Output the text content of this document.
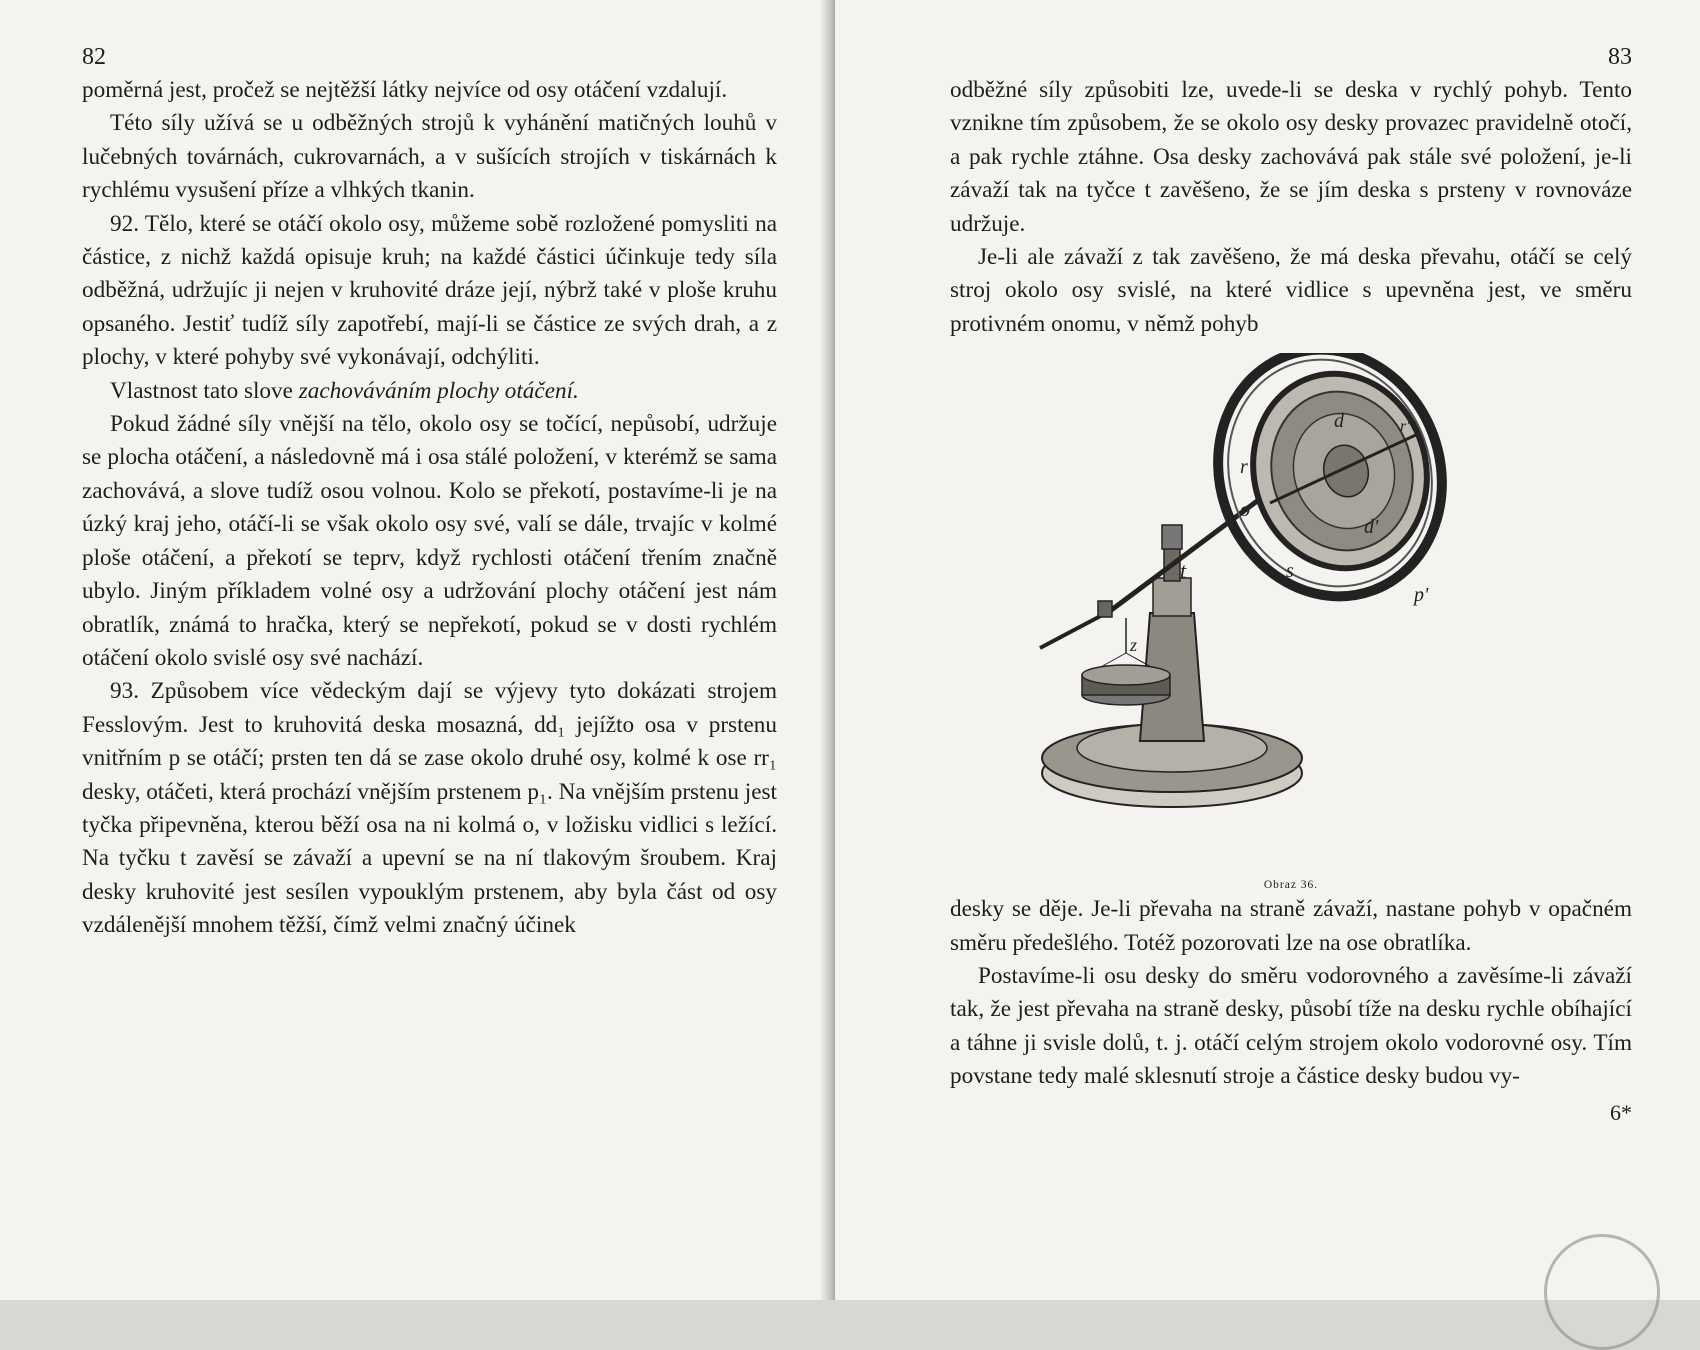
82

poměrná jest, pročež se nejtěžší látky nejvíce od osy otáčení vzdalují.

Této síly užívá se u odběžných strojů k vyhánění matičných louhů v lučebných továrnách, cukrovarnách, a v sušících strojích v tiskárnách k rychlému vysušení příze a vlhkých tkanin.

92. Tělo, které se otáčí okolo osy, můžeme sobě rozložené pomysliti na částice, z nichž každá opisuje kruh; na každé částici účinkuje tedy síla odběžná, udržujíc ji nejen v kruhovité dráze její, nýbrž také v ploše kruhu opsaného. Jestiť tudíž síly zapotřebí, mají-li se částice ze svých drah, a z plochy, v které pohyby své vykonávají, odchýliti.

Vlastnost tato slove zachováváním plochy otáčení.

Pokud žádné síly vnější na tělo, okolo osy se točící, nepůsobí, udržuje se plocha otáčení, a následovně má i osa stálé položení, v kterémž se sama zachovává, a slove tudíž osou volnou. Kolo se překotí, postavíme-li je na úzký kraj jeho, otáčí-li se však okolo osy své, valí se dále, trvajíc v kolmé ploše otáčení, a překotí se teprv, když rychlosti otáčení třením značně ubylo. Jiným příkladem volné osy a udržování plochy otáčení jest nám obratlík, známá to hračka, který se nepřekotí, pokud se v dosti rychlém otáčení okolo svislé osy své nachází.

93. Způsobem více vědeckým dají se výjevy tyto dokázati strojem Fesslovým. Jest to kruhovitá deska mosazná, dd₁ jejížto osa v prstenu vnitřním p se otáčí; prsten ten dá se zase okolo druhé osy, kolmé k ose rr₁ desky, otáčeti, která prochází vnějším prstenem p₁. Na vnějším prstenu jest tyčka připevněna, kterou běží osa na ni kolmá o, v ložisku vidlici s ležící. Na tyčku t zavěsí se závaží a upevní se na ní tlakovým šroubem. Kraj desky kruhovité jest sesílen vypouklým prstenem, aby byla část od osy vzdálenější mnohem těžší, čímž velmi značný účinek

83

odběžné síly způsobiti lze, uvede-li se deska v rychlý pohyb. Tento vznikne tím způsobem, že se okolo osy desky provazec pravidelně otočí, a pak rychle ztáhne. Osa desky zachovává pak stále své položení, je-li závaží tak na tyčce t zavěšeno, že se jím deska s prsteny v rovnováze udržuje.

Je-li ale závaží z tak zavěšeno, že má deska převahu, otáčí se celý stroj okolo osy svislé, na které vidlice s upevněna jest, ve směru protivném onomu, v němž pohyb

d
d'
r'
r
o
t	s
p'
z
Obraz 36.

desky se děje. Je-li převaha na straně závaží, nastane pohyb v opačném směru předešlého. Totéž pozorovati lze na ose obratlíka.

Postavíme-li osu desky do směru vodorovného a zavěsíme-li závaží tak, že jest převaha na straně desky, působí tíže na desku rychle obíhající a táhne ji svisle dolů, t. j. otáčí celým strojem okolo vodorovné osy. Tím povstane tedy malé sklesnutí stroje a částice desky budou vy-

6*
